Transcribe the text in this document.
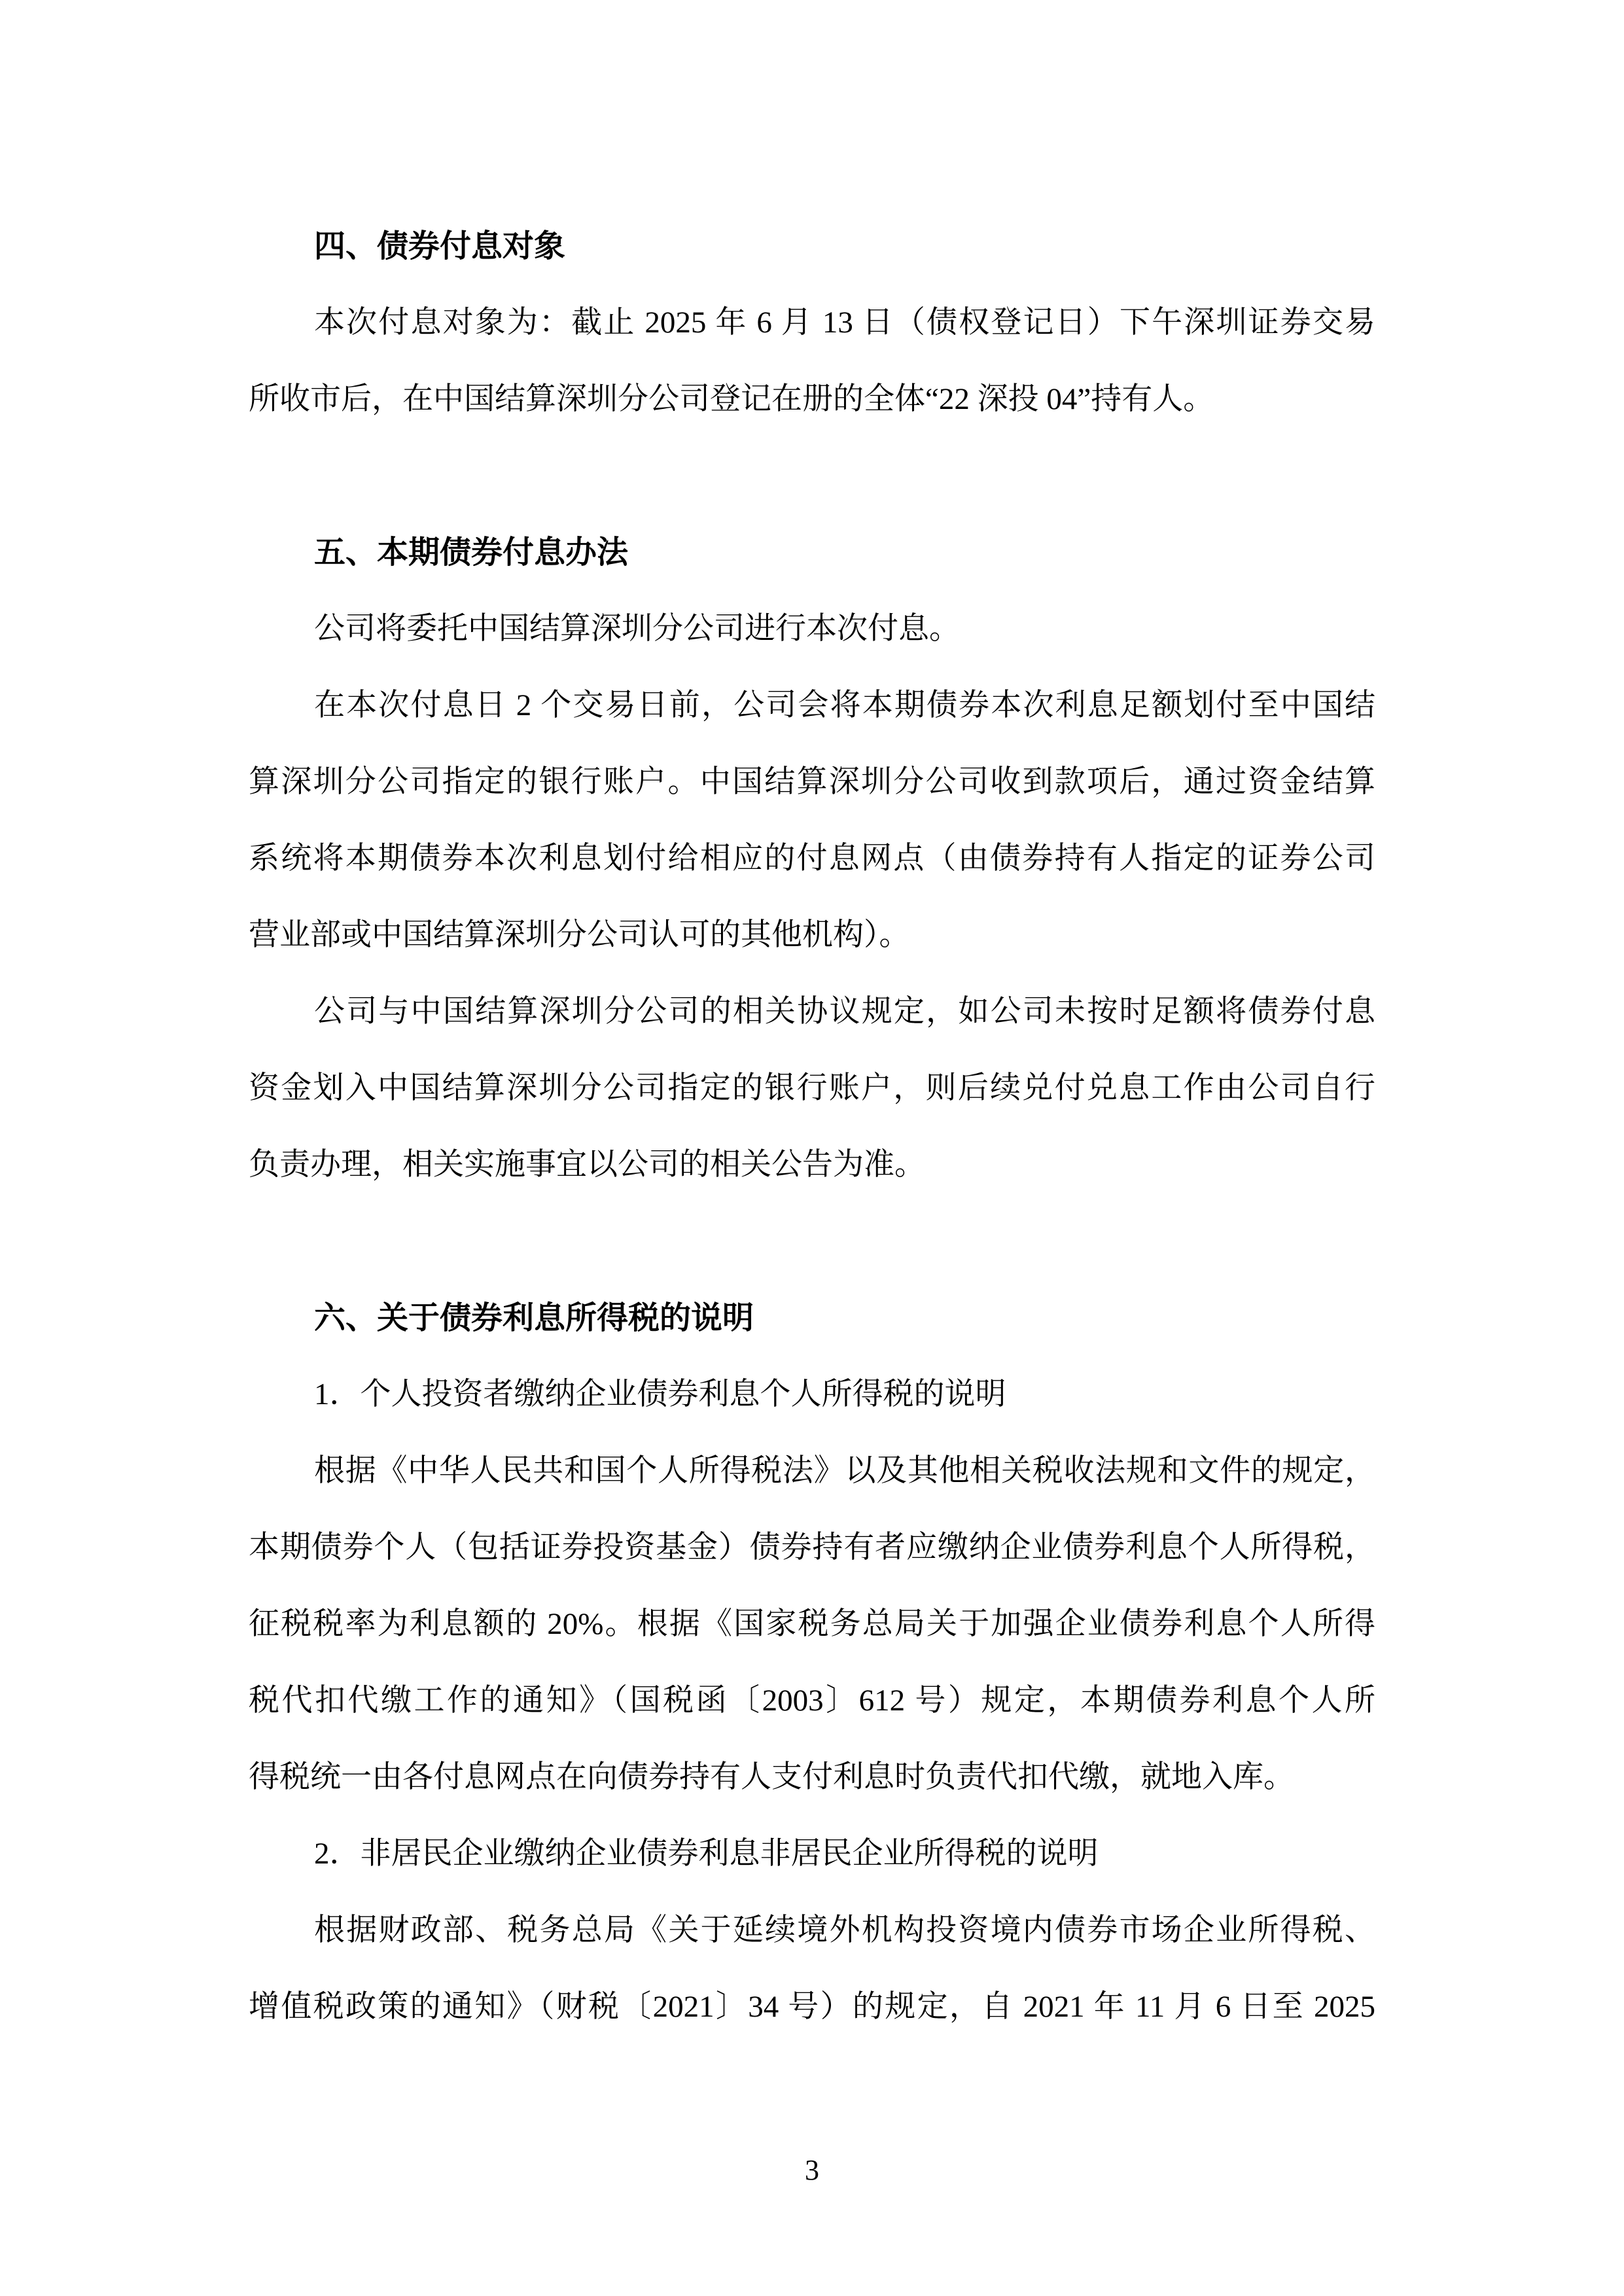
四、债券付息对象
本次付息对象为：截止 2025 年 6 月 13 日（债权登记日）下午深圳证券交易
所收市后，在中国结算深圳分公司登记在册的全体“22 深投 04”持有人。

五、本期债券付息办法
公司将委托中国结算深圳分公司进行本次付息。
在本次付息日 2 个交易日前，公司会将本期债券本次利息足额划付至中国结
算深圳分公司指定的银行账户。中国结算深圳分公司收到款项后，通过资金结算
系统将本期债券本次利息划付给相应的付息网点（由债券持有人指定的证券公司
营业部或中国结算深圳分公司认可的其他机构）。
公司与中国结算深圳分公司的相关协议规定，如公司未按时足额将债券付息
资金划入中国结算深圳分公司指定的银行账户，则后续兑付兑息工作由公司自行
负责办理，相关实施事宜以公司的相关公告为准。

六、关于债券利息所得税的说明
1．个人投资者缴纳企业债券利息个人所得税的说明
根据《中华人民共和国个人所得税法》以及其他相关税收法规和文件的规定，
本期债券个人（包括证券投资基金）债券持有者应缴纳企业债券利息个人所得税，
征税税率为利息额的 20%。根据《国家税务总局关于加强企业债券利息个人所得
税代扣代缴工作的通知》（国税函〔2003〕612 号）规定，本期债券利息个人所
得税统一由各付息网点在向债券持有人支付利息时负责代扣代缴，就地入库。
2．非居民企业缴纳企业债券利息非居民企业所得税的说明
根据财政部、税务总局《关于延续境外机构投资境内债券市场企业所得税、
增值税政策的通知》（财税〔2021〕34 号）的规定，自 2021 年 11 月 6 日至 2025
3
